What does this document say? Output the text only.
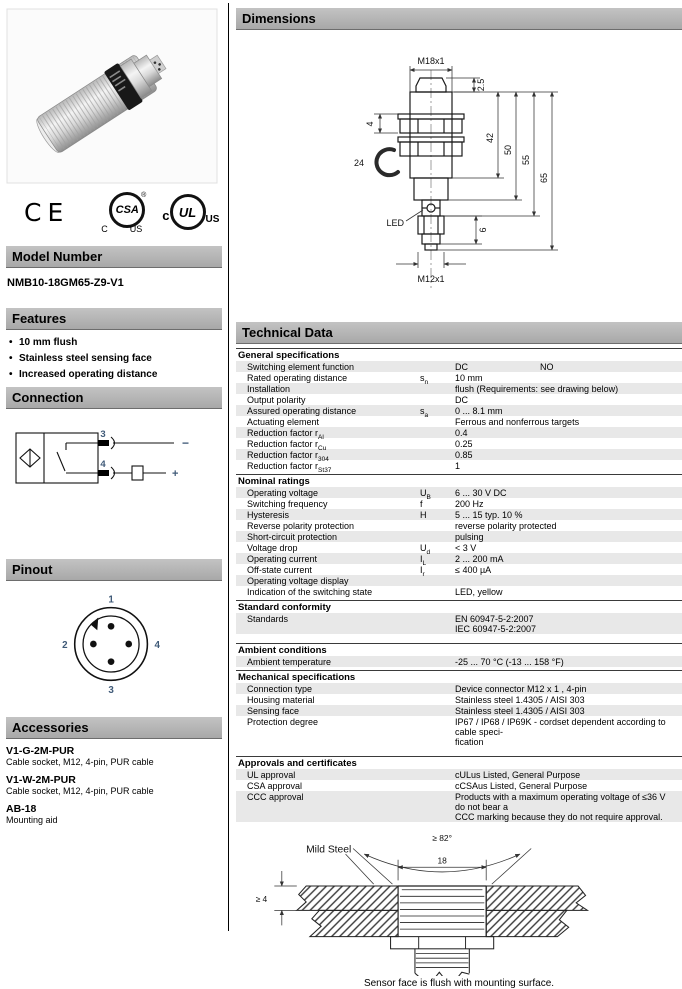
CE	CSA
®
C US
c UL US
Model Number
NMB10-18GM65-Z9-V1
Features
• 10 mm flush
• Stainless steel sensing face
• Increased operating distance
Connection
3
4
−
+
Pinout
1
2	4
3
Accessories
V1-G-2M-PUR
Cable socket, M12, 4-pin, PUR cable
V1-W-2M-PUR
Cable socket, M12, 4-pin, PUR cable
AB-18
Mounting aid
Dimensions
M18x1
2.5
4
24
42
50
55
65
LED
6
M12x1
Technical Data
General specifications
Switching element function
	DC	NO
Rated operating distance	$s_n$	10 mm
Installation
	flush (Requirements: see drawing below)
Output polarity
	DC
Assured operating distance	$s_a$	0 ... 8.1 mm
Actuating element
	Ferrous and nonferrous targets
Reduction factor $r_{Al}$
	0.4
Reduction factor $r_{Cu}$
	0.25
Reduction factor $r_{304}$
	0.85
Reduction factor $r_{St37}$
	1
Nominal ratings
Operating voltage	$U_B$	6 ... 30 V DC
Switching frequency	f	200 Hz
Hysteresis	H	5 ... 15 typ. 10 %
Reverse polarity protection
	reverse polarity protected
Short-circuit protection
	pulsing
Voltage drop	$U_d$	< 3 V
Operating current	$I_L$	2 ... 200 mA
Off-state current	$I_r$	≤ 400 µA
Operating voltage display

Indication of the switching state
	LED, yellow
Standard conformity
Standards
	EN 60947-5-2:2007
IEC 60947-5-2:2007
Ambient conditions
Ambient temperature
	-25 ... 70 °C (-13 ... 158 °F)
Mechanical specifications
Connection type
	Device connector M12 x 1 , 4-pin
Housing material
	Stainless steel 1.4305 / AISI 303
Sensing face
	Stainless steel 1.4305 / AISI 303
Protection degree
	IP67 / IP68 / IP69K - cordset dependent according to cable speci-
fication
Approvals and certificates
UL approval
	cULus Listed, General Purpose
CSA approval
	cCSAus Listed, General Purpose
CCC approval
	Products with a maximum operating voltage of ≤36 V do not bear a
CCC marking because they do not require approval.
≥ 82°
18
Mild Steel
≥ 4
Sensor face is flush with mounting surface.
